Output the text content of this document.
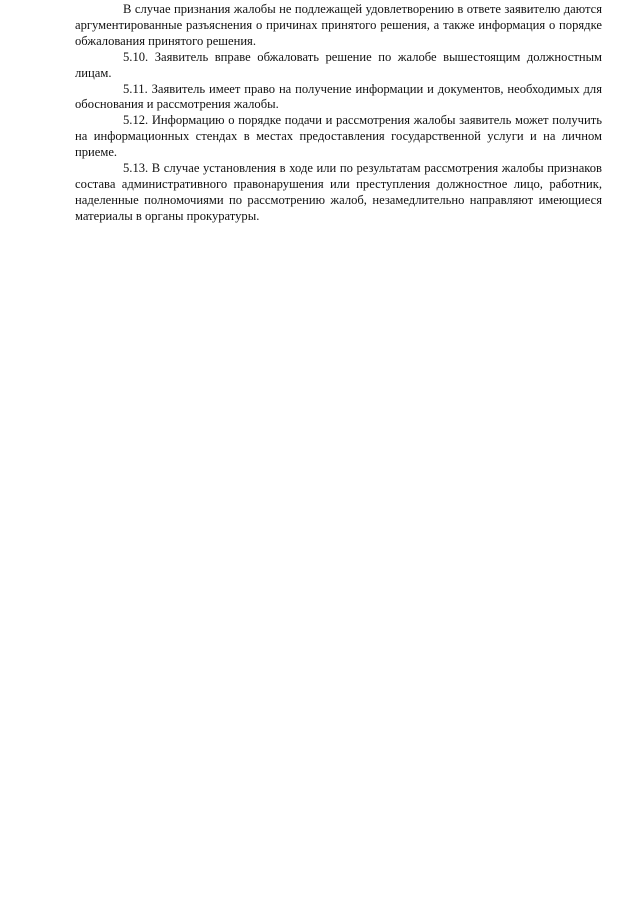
В случае признания жалобы не подлежащей удовлетворению в ответе заявителю даются аргументированные разъяснения о причинах принятого решения, а также информация о порядке обжалования принятого решения.

5.10. Заявитель вправе обжаловать решение по жалобе вышестоящим должностным лицам.

5.11. Заявитель имеет право на получение информации и документов, необходимых для обоснования и рассмотрения жалобы.

5.12. Информацию о порядке подачи и рассмотрения жалобы заявитель может получить на информационных стендах в местах предоставления государственной услуги и на личном приеме.

5.13. В случае установления в ходе или по результатам рассмотрения жалобы признаков состава административного правонарушения или преступления должностное лицо, работник, наделенные полномочиями по рассмотрению жалоб, незамедлительно направляют имеющиеся материалы в органы прокуратуры.
